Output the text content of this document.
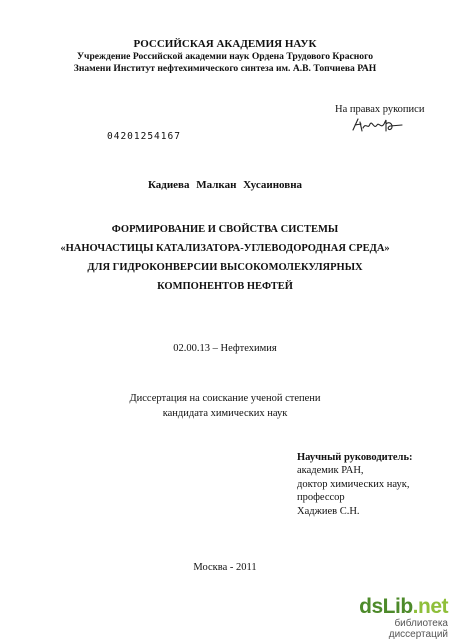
РОССИЙСКАЯ АКАДЕМИЯ НАУК
Учреждение Российской академии наук Ордена Трудового Красного
Знамени Институт нефтехимического синтеза им. А.В. Топчиева РАН
На правах рукописи
04201254167
Кадиева Малкан Хусаиновна
ФОРМИРОВАНИЕ И СВОЙСТВА СИСТЕМЫ
«НАНОЧАСТИЦЫ КАТАЛИЗАТОРА-УГЛЕВОДОРОДНАЯ СРЕДА»
ДЛЯ ГИДРОКОНВЕРСИИ ВЫСОКОМОЛЕКУЛЯРНЫХ
КОМПОНЕНТОВ НЕФТЕЙ
02.00.13 – Нефтехимия
Диссертация на соискание ученой степени
кандидата химических наук
Научный руководитель:
академик РАН,
доктор химических наук,
профессор
Хаджиев С.Н.
Москва - 2011
dsLib.net
библиотека диссертаций
